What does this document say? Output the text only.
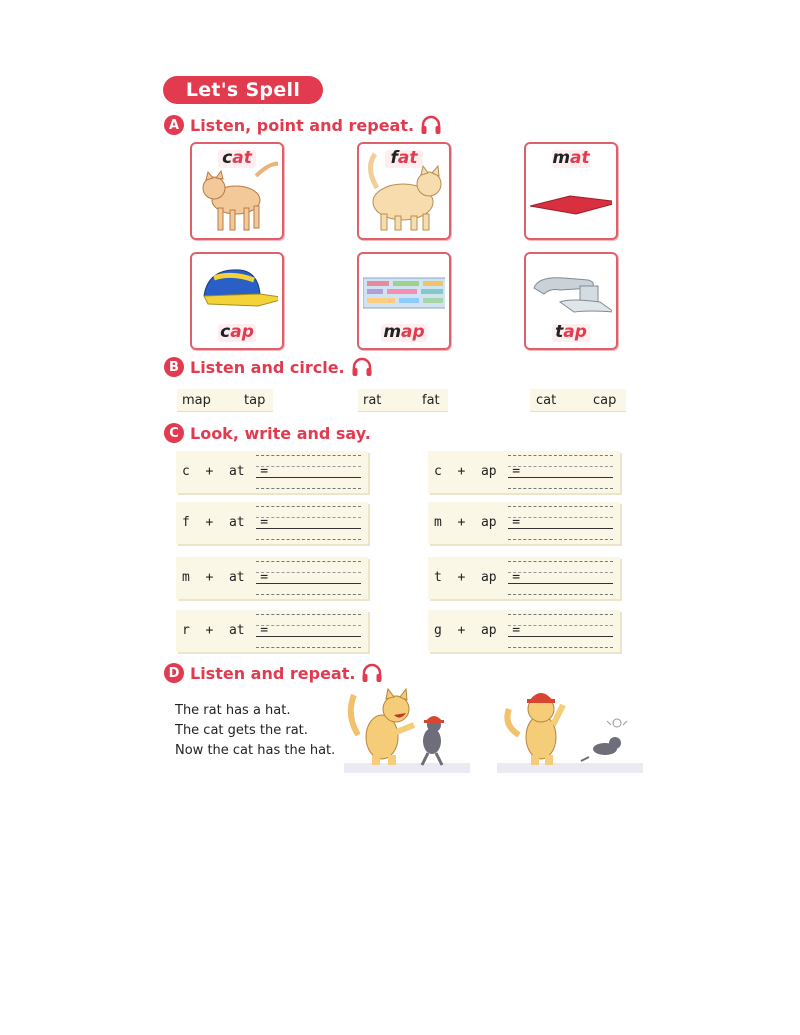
Let's Spell
A Listen, point and repeat.
cat	fat	mat
cap	map	tap
B Listen and circle.
map	tap	rat	fat	cat	cap
C Look, write and say.
c  +  at  =	c  +  ap  =
f  +  at  =	m  +  ap  =
m  +  at  =	t  +  ap  =
r  +  at  =	g  +  ap  =
D Listen and repeat.
The rat has a hat.
The cat gets the rat.
Now the cat has the hat.
